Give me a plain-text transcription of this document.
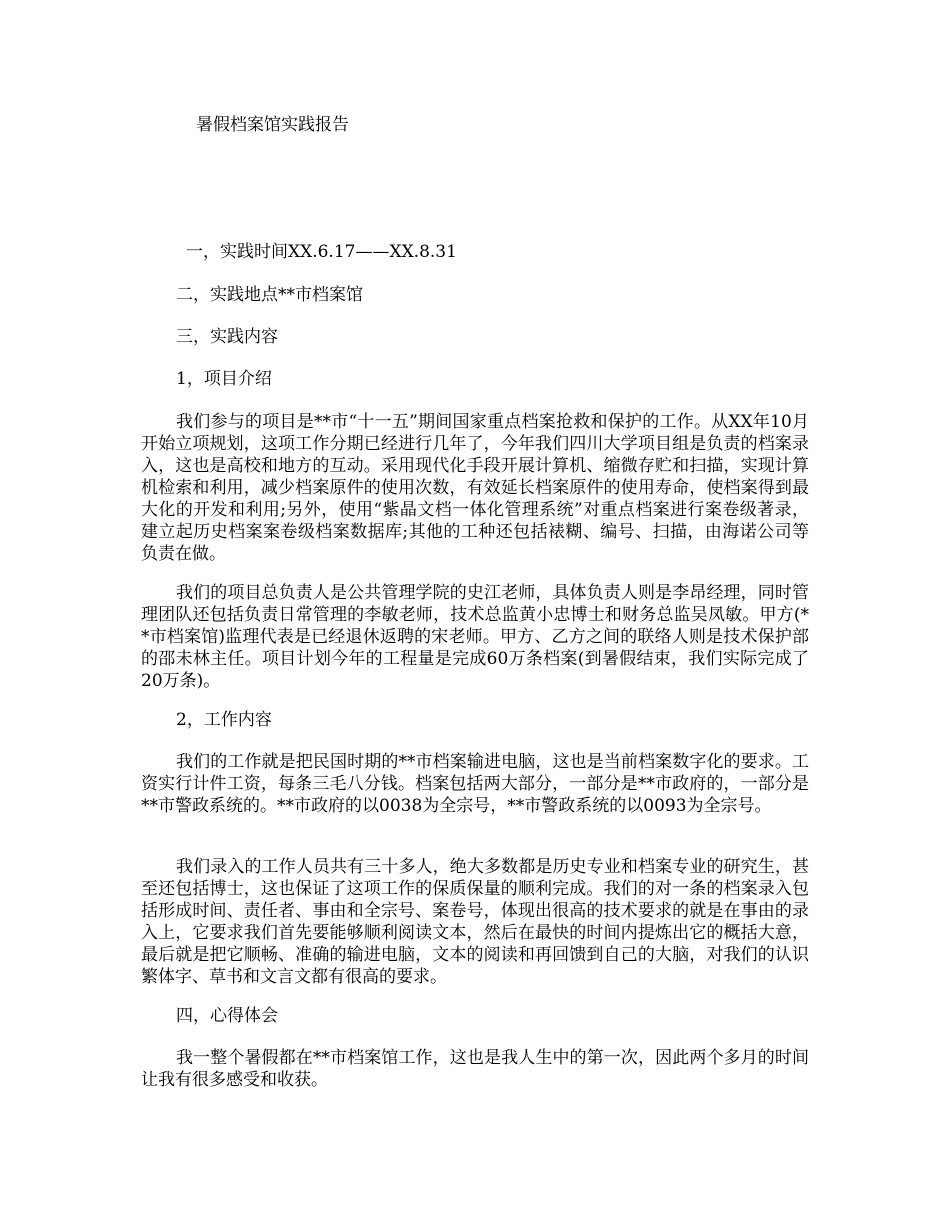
暑假档案馆实践报告
一，实践时间XX.6.17——XX.8.31
二，实践地点**市档案馆
三，实践内容
1，项目介绍
我们参与的项目是**市“十一五”期间国家重点档案抢救和保护的工作。从XX年10月开始立项规划，这项工作分期已经进行几年了，今年我们四川大学项目组是负责的档案录入，这也是高校和地方的互动。采用现代化手段开展计算机、缩微存贮和扫描，实现计算机检索和利用，减少档案原件的使用次数，有效延长档案原件的使用寿命，使档案得到最大化的开发和利用;另外，使用“紫晶文档一体化管理系统”对重点档案进行案卷级著录，建立起历史档案案卷级档案数据库;其他的工种还包括裱糊、编号、扫描，由海诺公司等负责在做。
我们的项目总负责人是公共管理学院的史江老师，具体负责人则是李昂经理，同时管理团队还包括负责日常管理的李敏老师，技术总监黄小忠博士和财务总监吴凤敏。甲方(**市档案馆)监理代表是已经退休返聘的宋老师。甲方、乙方之间的联络人则是技术保护部的邵未林主任。项目计划今年的工程量是完成60万条档案(到暑假结束，我们实际完成了20万条)。
2，工作内容
我们的工作就是把民国时期的**市档案输进电脑，这也是当前档案数字化的要求。工资实行计件工资，每条三毛八分钱。档案包括两大部分，一部分是**市政府的，一部分是**市警政系统的。**市政府的以0038为全宗号，**市警政系统的以0093为全宗号。
我们录入的工作人员共有三十多人，绝大多数都是历史专业和档案专业的研究生，甚至还包括博士，这也保证了这项工作的保质保量的顺利完成。我们的对一条的档案录入包括形成时间、责任者、事由和全宗号、案卷号，体现出很高的技术要求的就是在事由的录入上，它要求我们首先要能够顺利阅读文本，然后在最快的时间内提炼出它的概括大意，最后就是把它顺畅、准确的输进电脑，文本的阅读和再回馈到自己的大脑，对我们的认识繁体字、草书和文言文都有很高的要求。
四，心得体会
我一整个暑假都在**市档案馆工作，这也是我人生中的第一次，因此两个多月的时间让我有很多感受和收获。
